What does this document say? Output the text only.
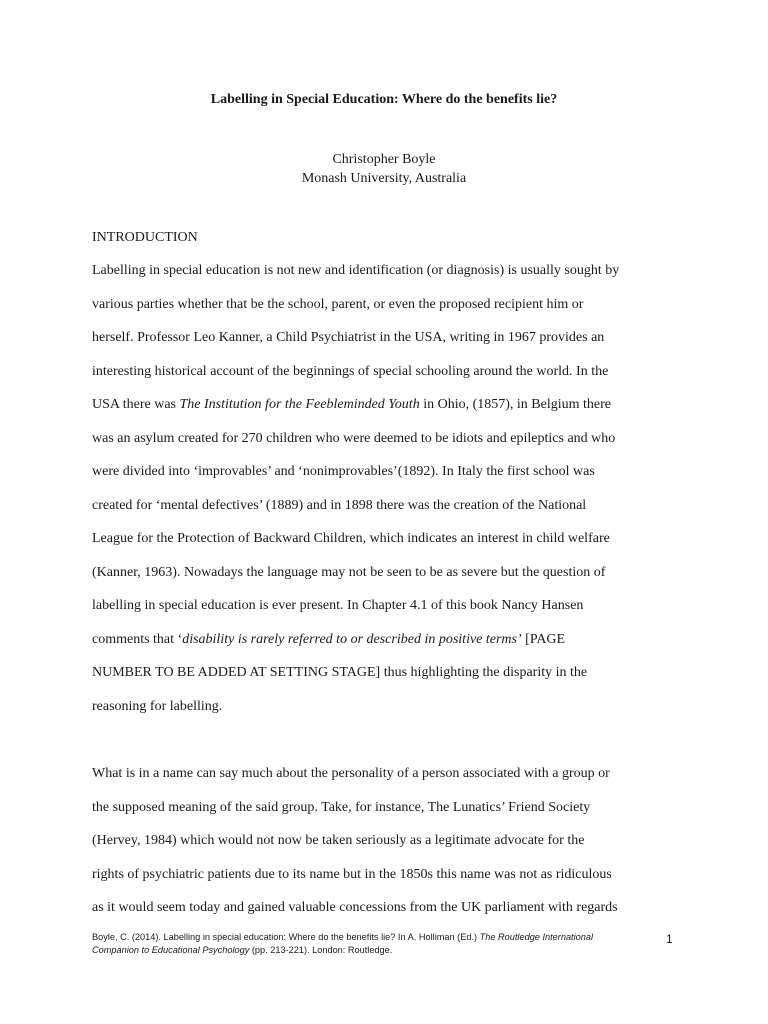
Labelling in Special Education: Where do the benefits lie?
Christopher Boyle
Monash University, Australia
INTRODUCTION
Labelling in special education is not new and identification (or diagnosis) is usually sought by
various parties whether that be the school, parent, or even the proposed recipient him or
herself. Professor Leo Kanner, a Child Psychiatrist in the USA, writing in 1967 provides an
interesting historical account of the beginnings of special schooling around the world. In the
USA there was The Institution for the Feebleminded Youth in Ohio, (1857), in Belgium there
was an asylum created for 270 children who were deemed to be idiots and epileptics and who
were divided into ‘improvables’ and ‘nonimprovables’(1892). In Italy the first school was
created for ‘mental defectives’ (1889) and in 1898 there was the creation of the National
League for the Protection of Backward Children, which indicates an interest in child welfare
(Kanner, 1963). Nowadays the language may not be seen to be as severe but the question of
labelling in special education is ever present. In Chapter 4.1 of this book Nancy Hansen
comments that ‘disability is rarely referred to or described in positive terms’ [PAGE
NUMBER TO BE ADDED AT SETTING STAGE] thus highlighting the disparity in the
reasoning for labelling.
What is in a name can say much about the personality of a person associated with a group or
the supposed meaning of the said group. Take, for instance, The Lunatics’ Friend Society
(Hervey, 1984) which would not now be taken seriously as a legitimate advocate for the
rights of psychiatric patients due to its name but in the 1850s this name was not as ridiculous
as it would seem today and gained valuable concessions from the UK parliament with regards
Boyle, C. (2014). Labelling in special education: Where do the benefits lie? In A. Holliman (Ed.) The Routledge International
Companion to Educational Psychology (pp. 213-221). London: Routledge.
1
